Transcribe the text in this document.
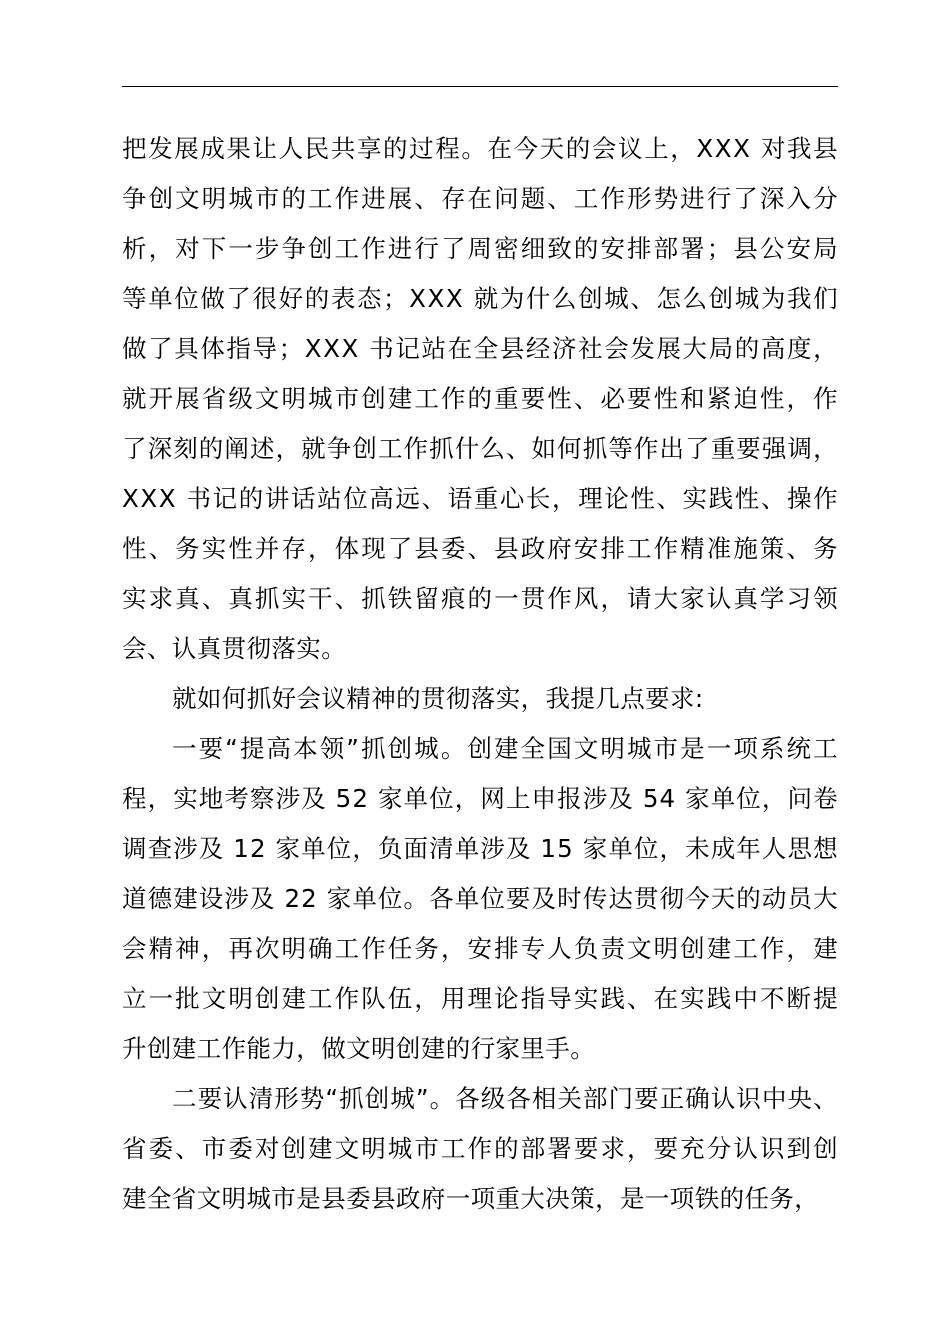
把发展成果让人民共享的过程。在今天的会议上，XXX 对我县
争创文明城市的工作进展、存在问题、工作形势进行了深入分
析，对下一步争创工作进行了周密细致的安排部署；县公安局
等单位做了很好的表态；XXX 就为什么创城、怎么创城为我们
做了具体指导；XXX 书记站在全县经济社会发展大局的高度，
就开展省级文明城市创建工作的重要性、必要性和紧迫性，作
了深刻的阐述，就争创工作抓什么、如何抓等作出了重要强调，
XXX 书记的讲话站位高远、语重心长，理论性、实践性、操作
性、务实性并存，体现了县委、县政府安排工作精准施策、务
实求真、真抓实干、抓铁留痕的一贯作风，请大家认真学习领
会、认真贯彻落实。
就如何抓好会议精神的贯彻落实，我提几点要求:
一要“提高本领”抓创城。创建全国文明城市是一项系统工
程，实地考察涉及 52 家单位，网上申报涉及 54 家单位，问卷
调查涉及 12 家单位，负面清单涉及 15 家单位，未成年人思想
道德建设涉及 22 家单位。各单位要及时传达贯彻今天的动员大
会精神，再次明确工作任务，安排专人负责文明创建工作，建
立一批文明创建工作队伍，用理论指导实践、在实践中不断提
升创建工作能力，做文明创建的行家里手。
二要认清形势“抓创城”。各级各相关部门要正确认识中央、
省委、市委对创建文明城市工作的部署要求，要充分认识到创
建全省文明城市是县委县政府一项重大决策，是一项铁的任务，
